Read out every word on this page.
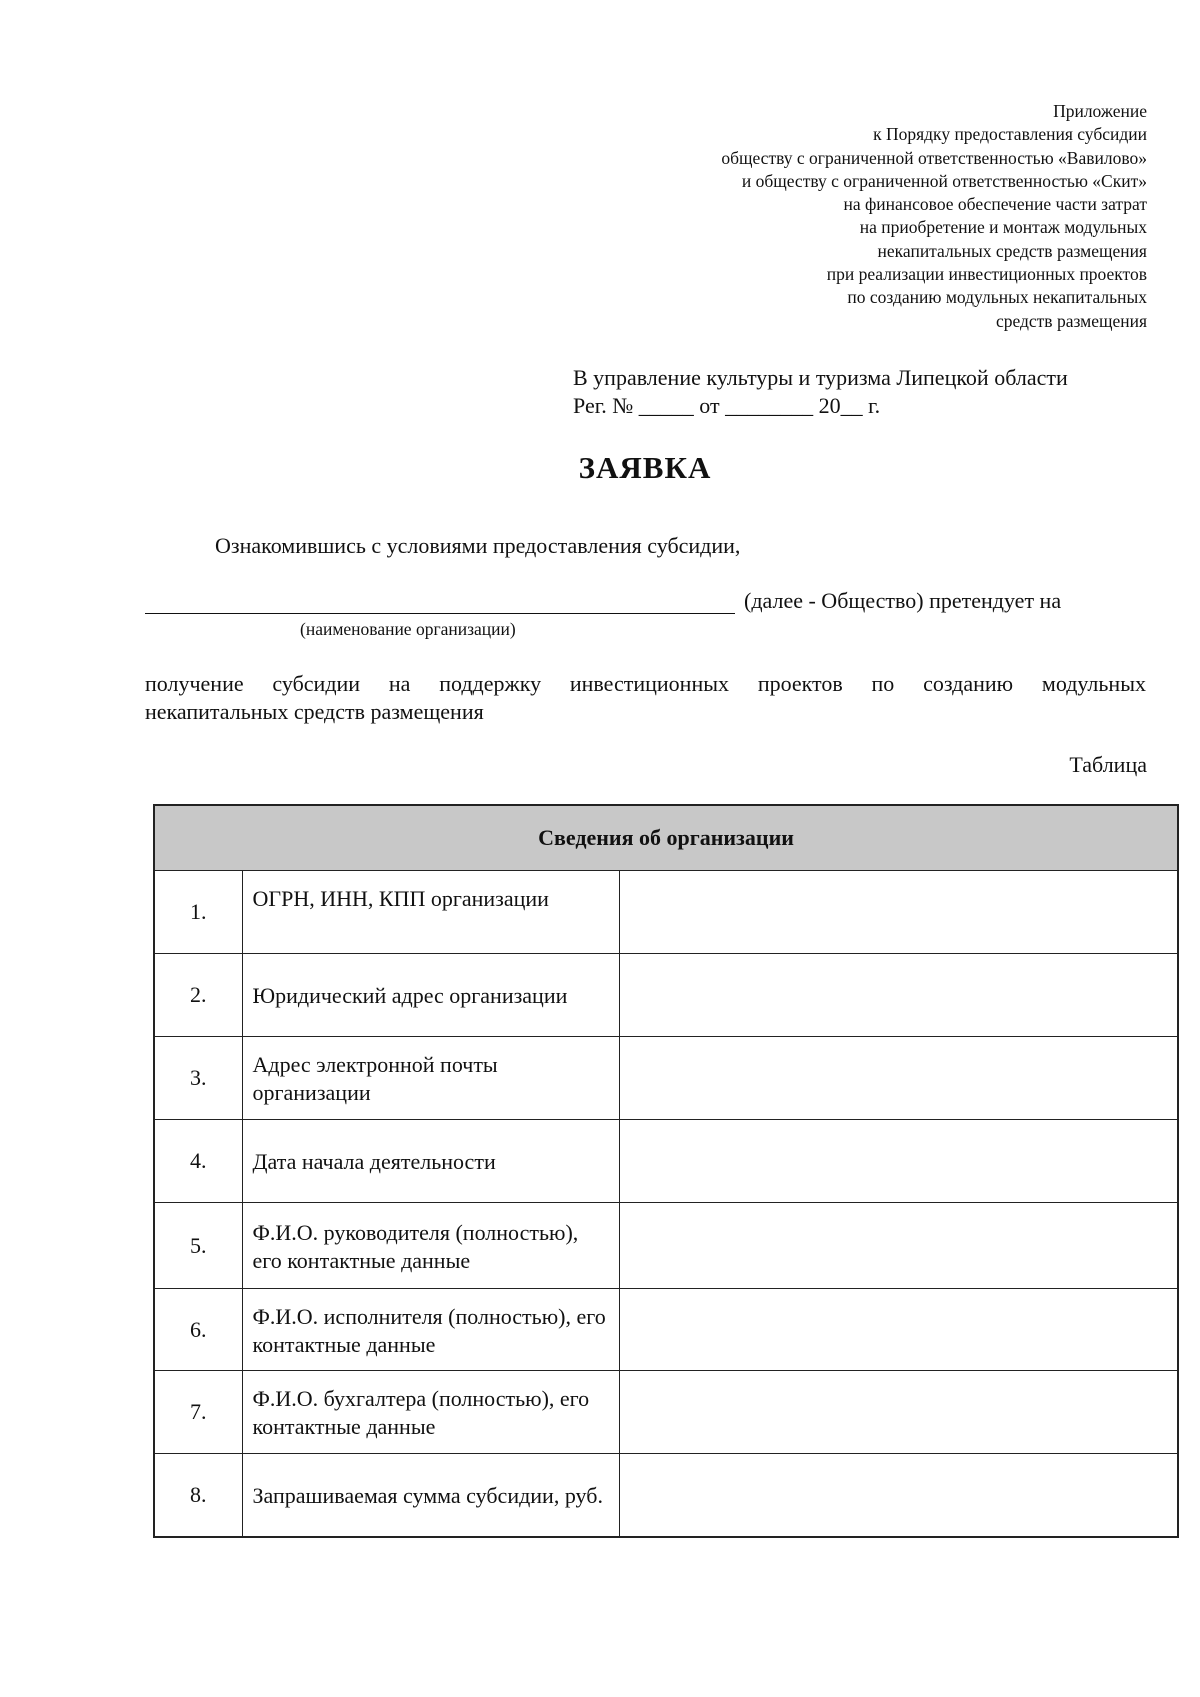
Приложение
к Порядку предоставления субсидии
обществу с ограниченной ответственностью «Вавилово»
и обществу с ограниченной ответственностью «Скит»
на финансовое обеспечение части затрат
на приобретение и монтаж модульных
некапитальных средств размещения
при реализации инвестиционных проектов
по созданию модульных некапитальных
средств размещения
В управление культуры и туризма Липецкой области
Рег. № _____ от ________ 20__ г.
ЗАЯВКА
Ознакомившись с условиями предоставления субсидии,
(далее - Общество) претендует на
(наименование организации)
получение субсидии на поддержку инвестиционных проектов по созданию модульных
некапитальных средств размещения
Таблица
Сведения об организации		
1.	ОГРН, ИНН, КПП организации	
2.	Юридический адрес организации	
3.	Адрес электронной почты организации	
4.	Дата начала деятельности	
5.	Ф.И.О. руководителя (полностью), его контактные данные	
6.	Ф.И.О. исполнителя (полностью), его контактные данные	
7.	Ф.И.О. бухгалтера (полностью), его контактные данные	
8.	Запрашиваемая сумма субсидии, руб.	
